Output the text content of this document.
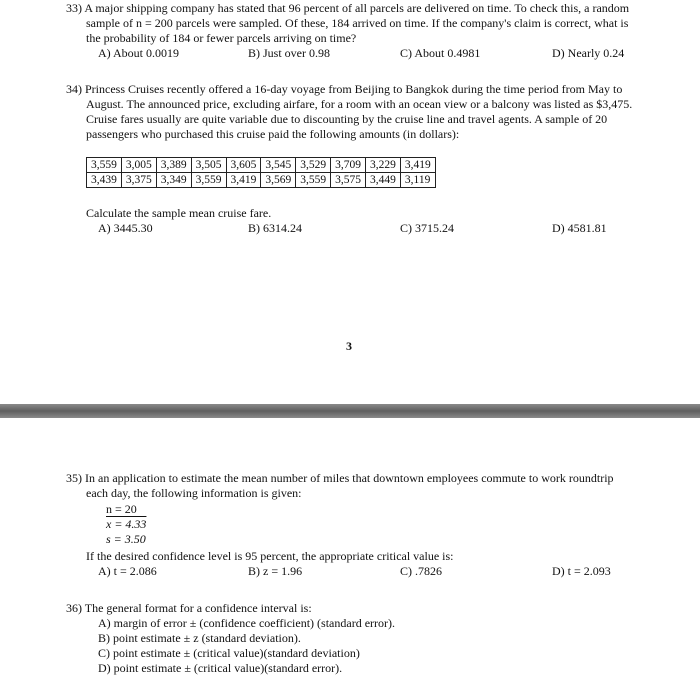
33) A major shipping company has stated that 96 percent of all parcels are delivered on time. To check this, a random
sample of n = 200 parcels were sampled. Of these, 184 arrived on time. If the company's claim is correct, what is
the probability of 184 or fewer parcels arriving on time?
A) About 0.0019	B) Just over 0.98	C) About 0.4981	D) Nearly 0.24
34) Princess Cruises recently offered a 16-day voyage from Beijing to Bangkok during the time period from May to
August. The announced price, excluding airfare, for a room with an ocean view or a balcony was listed as $3,475.
Cruise fares usually are quite variable due to discounting by the cruise line and travel agents. A sample of 20
passengers who purchased this cruise paid the following amounts (in dollars):
3,559	3,005	3,389	3,505	3,605	3,545	3,529	3,709	3,229	3,419
3,439	3,375	3,349	3,559	3,419	3,569	3,559	3,575	3,449	3,119
Calculate the sample mean cruise fare.
A) 3445.30	B) 6314.24	C) 3715.24	D) 4581.81
3
35) In an application to estimate the mean number of miles that downtown employees commute to work roundtrip
each day, the following information is given:
n = 20
x = 4.33
s = 3.50
If the desired confidence level is 95 percent, the appropriate critical value is:
A) t = 2.086	B) z = 1.96	C) .7826	D) t = 2.093
36) The general format for a confidence interval is:
A) margin of error ± (confidence coefficient) (standard error).
B) point estimate ± z (standard deviation).
C) point estimate ± (critical value)(standard deviation)
D) point estimate ± (critical value)(standard error).
